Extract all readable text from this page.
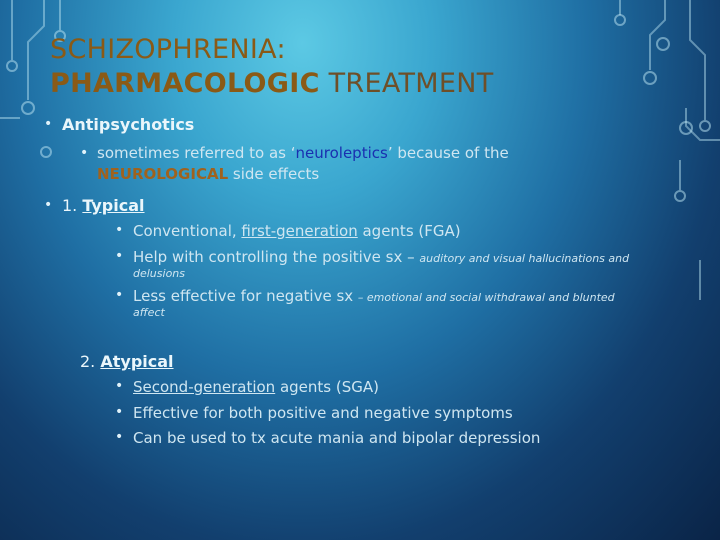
SCHIZOPHRENIA:
PHARMACOLOGIC TREATMENT
• Antipsychotics
• sometimes referred to as ‘neuroleptics’ because of the
NEUROLOGICAL side effects
• 1. Typical
• Conventional, first-generation agents (FGA)
• Help with controlling the positive sx – auditory and visual hallucinations and
delusions
• Less effective for negative sx – emotional and social withdrawal and blunted
affect
2. Atypical
• Second-generation agents (SGA)
• Effective for both positive and negative symptoms
• Can be used to tx acute mania and bipolar depression
